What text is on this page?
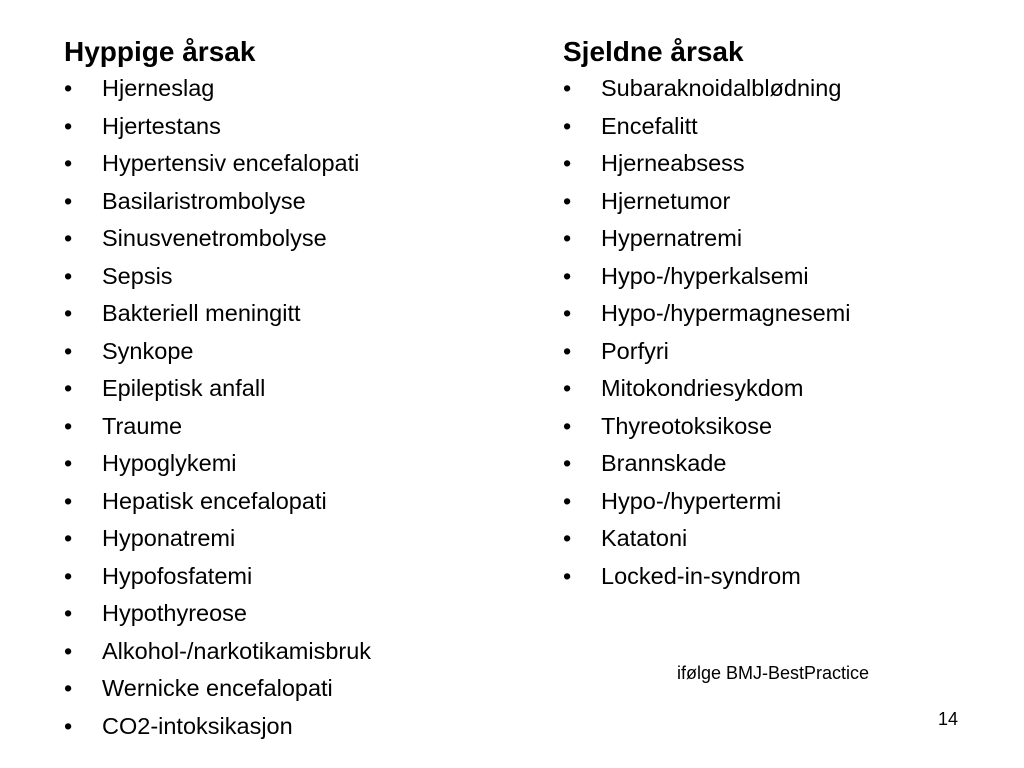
Hyppige årsak
•	Hjerneslag
•	Hjertestans
•	Hypertensiv encefalopati
•	Basilaristrombolyse
•	Sinusvenetrombolyse
•	Sepsis
•	Bakteriell meningitt
•	Synkope
•	Epileptisk anfall
•	Traume
•	Hypoglykemi
•	Hepatisk encefalopati
•	Hyponatremi
•	Hypofosfatemi
•	Hypothyreose
•	Alkohol-/narkotikamisbruk
•	Wernicke encefalopati
•	CO2-intoksikasjon
Sjeldne årsak
•	Subaraknoidalblødning
•	Encefalitt
•	Hjerneabsess
•	Hjernetumor
•	Hypernatremi
•	Hypo-/hyperkalsemi
•	Hypo-/hypermagnesemi
•	Porfyri
•	Mitokondriesykdom
•	Thyreotoksikose
•	Brannskade
•	Hypo-/hypertermi
•	Katatoni
•	Locked-in-syndrom
ifølge BMJ-BestPractice
14
